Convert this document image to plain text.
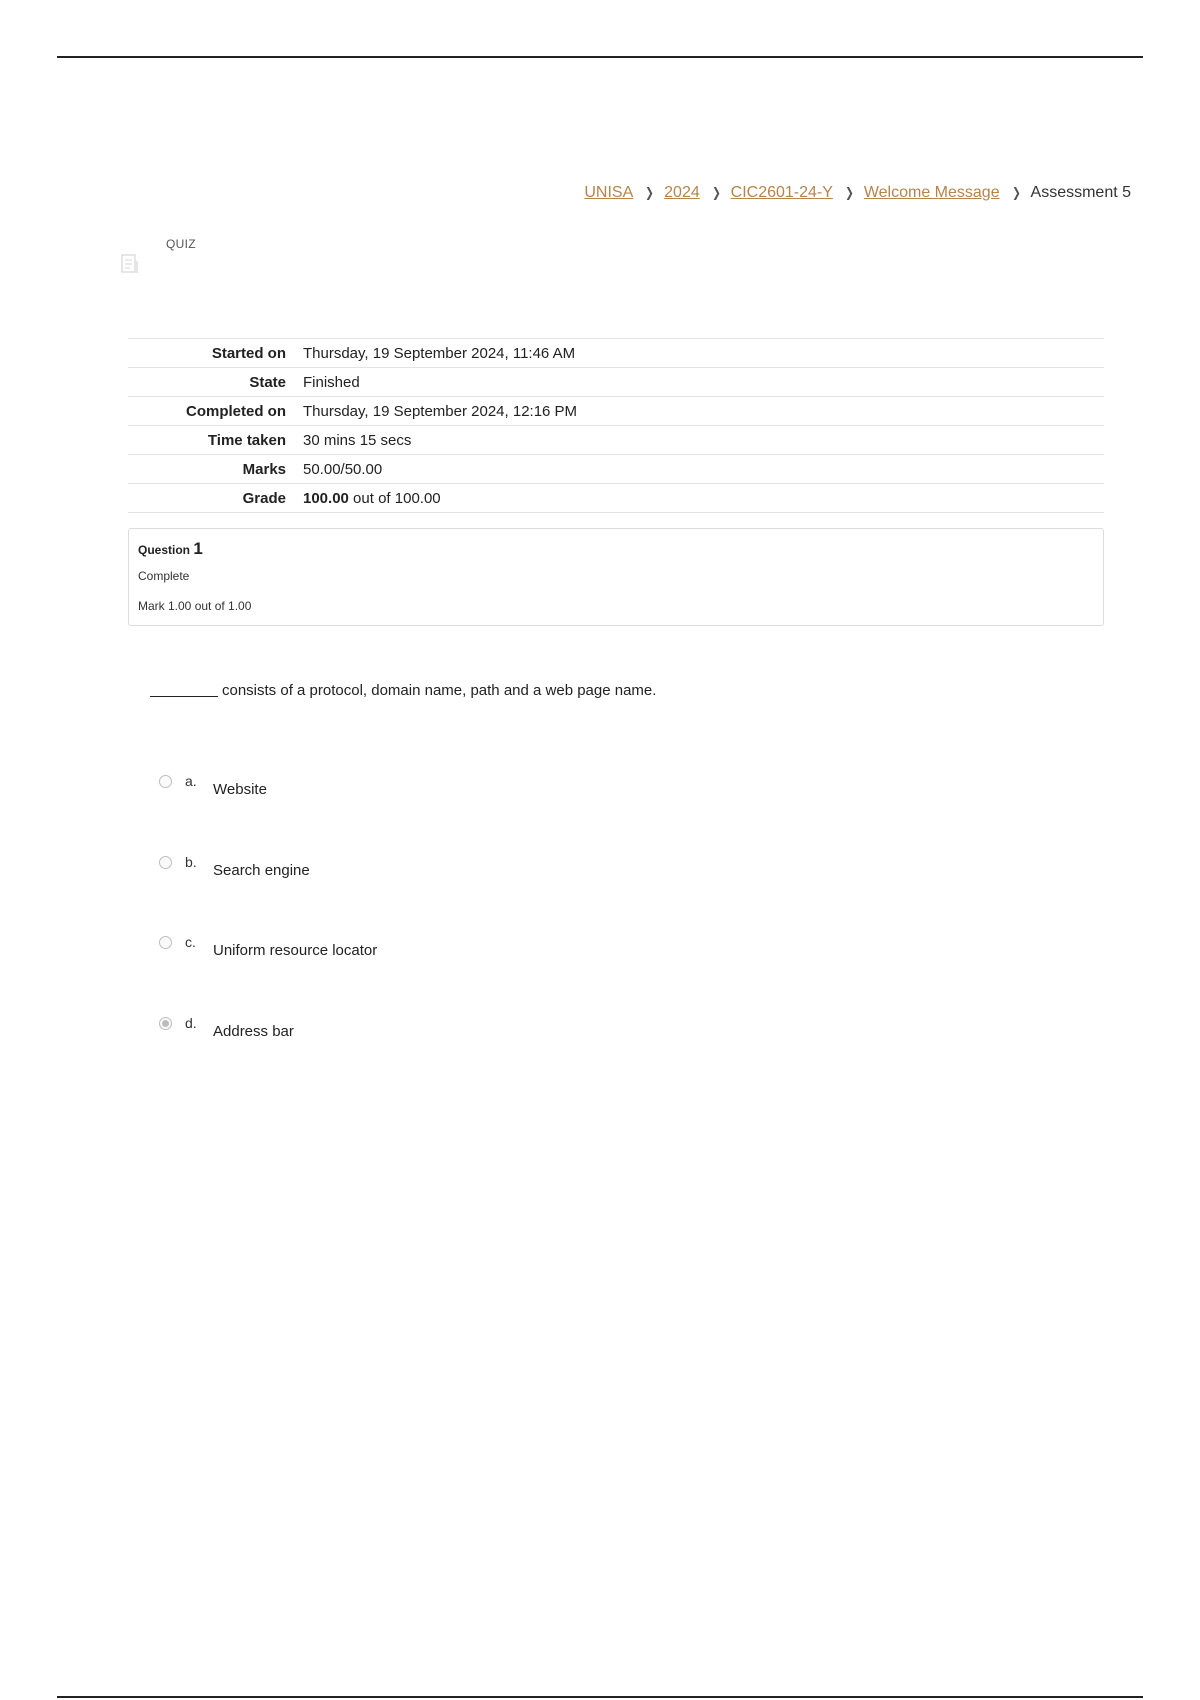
UNISA ❯ 2024 ❯ CIC2601-24-Y ❯ Welcome Message ❯ Assessment 5
QUIZ
Started on	Thursday, 19 September 2024, 11:46 AM
State	Finished
Completed on	Thursday, 19 September 2024, 12:16 PM
Time taken	30 mins 15 secs
Marks	50.00/50.00
Grade	100.00 out of 100.00
Question 1
Complete
Mark 1.00 out of 1.00
consists of a protocol, domain name, path and a web page name.
a. Website
b. Search engine
c. Uniform resource locator
d. Address bar
